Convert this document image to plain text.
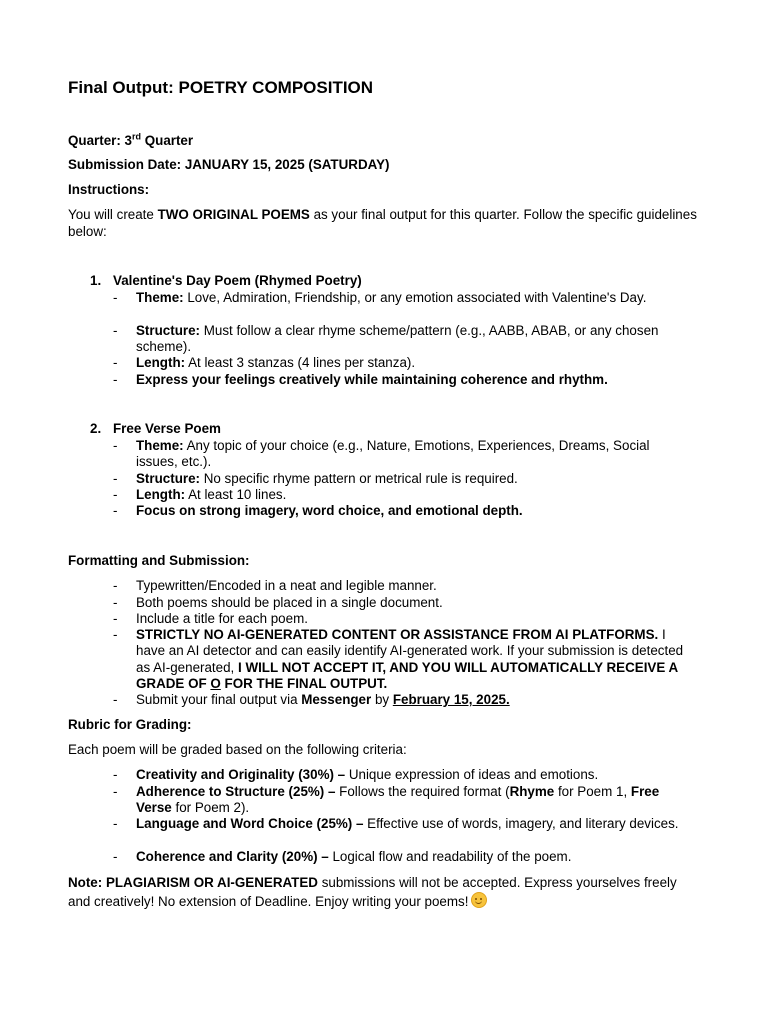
Final Output: POETRY COMPOSITION
Quarter: 3rd Quarter
Submission Date: JANUARY 15, 2025 (SATURDAY)
Instructions:
You will create TWO ORIGINAL POEMS as your final output for this quarter. Follow the specific guidelines below:
1. Valentine's Day Poem (Rhymed Poetry)
- Theme: Love, Admiration, Friendship, or any emotion associated with Valentine's Day.
- Structure: Must follow a clear rhyme scheme/pattern (e.g., AABB, ABAB, or any chosen scheme).
- Length: At least 3 stanzas (4 lines per stanza).
- Express your feelings creatively while maintaining coherence and rhythm.
2. Free Verse Poem
- Theme: Any topic of your choice (e.g., Nature, Emotions, Experiences, Dreams, Social issues, etc.).
- Structure: No specific rhyme pattern or metrical rule is required.
- Length: At least 10 lines.
- Focus on strong imagery, word choice, and emotional depth.
Formatting and Submission:
- Typewritten/Encoded in a neat and legible manner.
- Both poems should be placed in a single document.
- Include a title for each poem.
- STRICTLY NO AI-GENERATED CONTENT OR ASSISTANCE FROM AI PLATFORMS. I have an AI detector and can easily identify AI-generated work. If your submission is detected as AI-generated, I WILL NOT ACCEPT IT, AND YOU WILL AUTOMATICALLY RECEIVE A GRADE OF O FOR THE FINAL OUTPUT.
- Submit your final output via Messenger by February 15, 2025.
Rubric for Grading:
Each poem will be graded based on the following criteria:
- Creativity and Originality (30%) – Unique expression of ideas and emotions.
- Adherence to Structure (25%) – Follows the required format (Rhyme for Poem 1, Free Verse for Poem 2).
- Language and Word Choice (25%) – Effective use of words, imagery, and literary devices.
- Coherence and Clarity (20%) – Logical flow and readability of the poem.
Note: PLAGIARISM OR AI-GENERATED submissions will not be accepted. Express yourselves freely and creatively! No extension of Deadline. Enjoy writing your poems!
